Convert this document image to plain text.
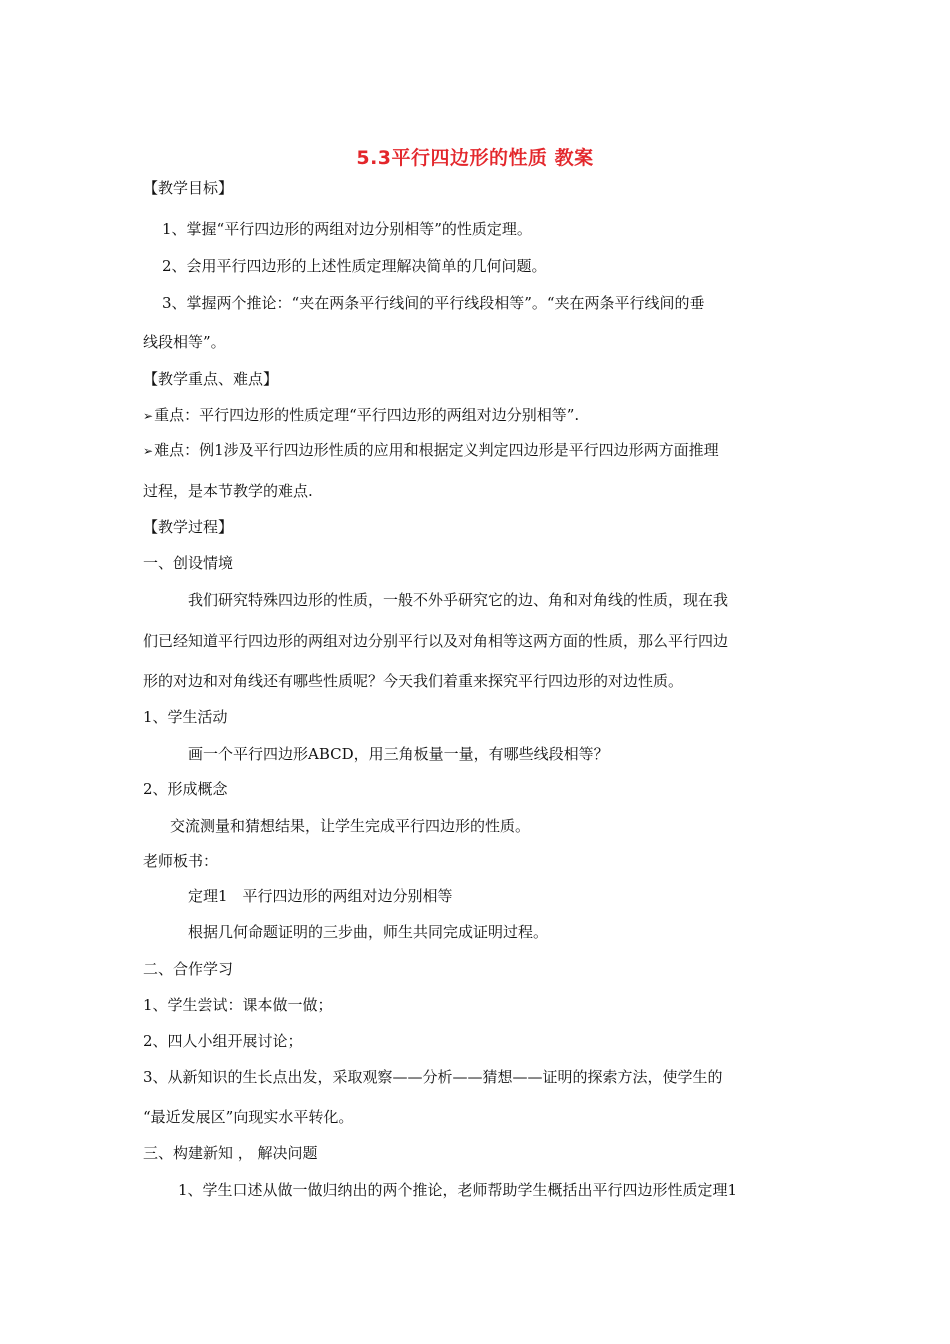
5.3平行四边形的性质 教案
【教学目标】
1、掌握“平行四边形的两组对边分别相等”的性质定理。
2、会用平行四边形的上述性质定理解决简单的几何问题。
3、掌握两个推论：“夹在两条平行线间的平行线段相等”。“夹在两条平行线间的垂
线段相等”。
【教学重点、难点】
➢重点：平行四边形的性质定理“平行四边形的两组对边分别相等”.
➢难点：例1涉及平行四边形性质的应用和根据定义判定四边形是平行四边形两方面推理
过程，是本节教学的难点.
【教学过程】
一、创设情境
我们研究特殊四边形的性质，一般不外乎研究它的边、角和对角线的性质，现在我
们已经知道平行四边形的两组对边分别平行以及对角相等这两方面的性质，那么平行四边
形的对边和对角线还有哪些性质呢？今天我们着重来探究平行四边形的对边性质。
1、学生活动
画一个平行四边形ABCD，用三角板量一量，有哪些线段相等？
2、形成概念
交流测量和猜想结果，让学生完成平行四边形的性质。
老师板书：
定理1　平行四边形的两组对边分别相等
根据几何命题证明的三步曲，师生共同完成证明过程。
二、合作学习
1、学生尝试：课本做一做；
2、四人小组开展讨论；
3、从新知识的生长点出发，采取观察——分析——猜想——证明的探索方法，使学生的
“最近发展区”向现实水平转化。
三、构建新知 ， 解决问题
1、学生口述从做一做归纳出的两个推论，老师帮助学生概括出平行四边形性质定理1
